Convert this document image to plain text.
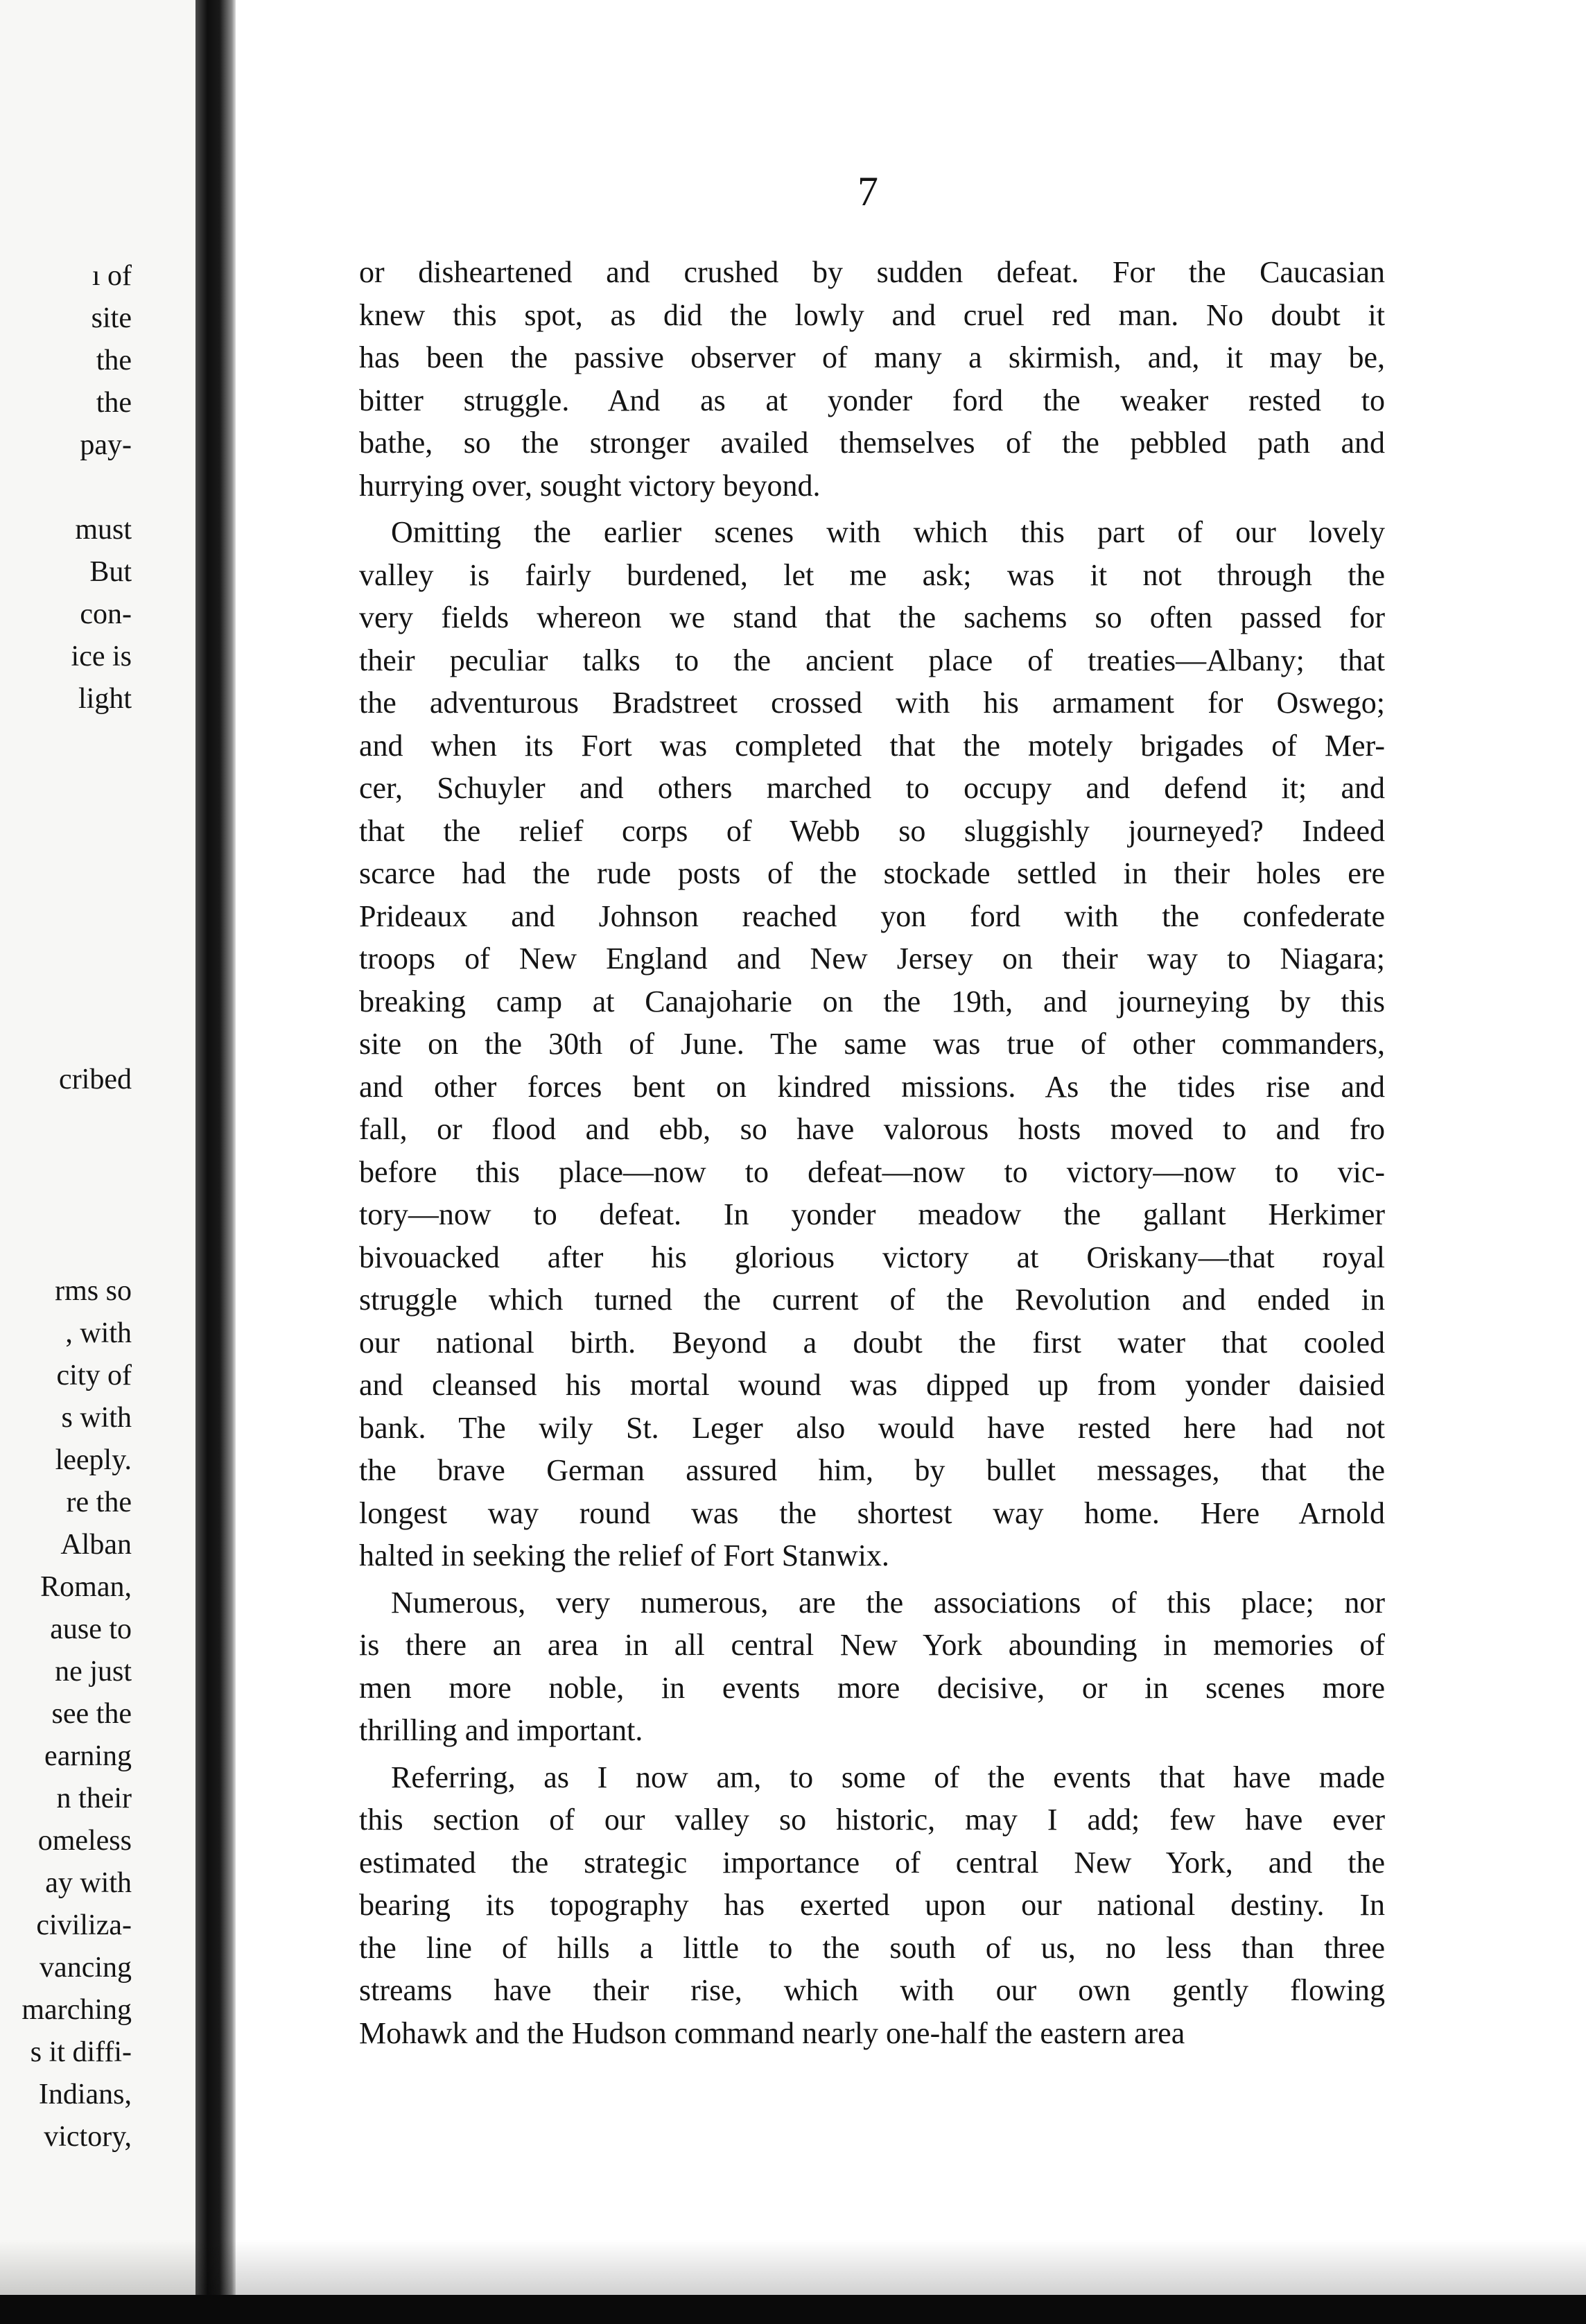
ı of
site
the
the
pay-
must
But
con-
ice is
light
cribed
rms so
, with
city of
s with
leeply.
re the
Alban
Roman,
ause to
ne just
see the
earning
n their
omeless
ay with
civiliza-
vancing
marching
s it diffi-
Indians,
victory,
7
or disheartened and crushed by sudden defeat. For the Caucasian
knew this spot, as did the lowly and cruel red man. No doubt it
has been the passive observer of many a skirmish, and, it may be,
bitter struggle. And as at yonder ford the weaker rested to
bathe, so the stronger availed themselves of the pebbled path and
hurrying over, sought victory beyond.
Omitting the earlier scenes with which this part of our lovely
valley is fairly burdened, let me ask; was it not through the
very fields whereon we stand that the sachems so often passed for
their peculiar talks to the ancient place of treaties—Albany; that
the adventurous Bradstreet crossed with his armament for Oswego;
and when its Fort was completed that the motely brigades of Mer-
cer, Schuyler and others marched to occupy and defend it; and
that the relief corps of Webb so sluggishly journeyed? Indeed
scarce had the rude posts of the stockade settled in their holes ere
Prideaux and Johnson reached yon ford with the confederate
troops of New England and New Jersey on their way to Niagara;
breaking camp at Canajoharie on the 19th, and journeying by this
site on the 30th of June. The same was true of other commanders,
and other forces bent on kindred missions. As the tides rise and
fall, or flood and ebb, so have valorous hosts moved to and fro
before this place—now to defeat—now to victory—now to vic-
tory—now to defeat. In yonder meadow the gallant Herkimer
bivouacked after his glorious victory at Oriskany—that royal
struggle which turned the current of the Revolution and ended in
our national birth. Beyond a doubt the first water that cooled
and cleansed his mortal wound was dipped up from yonder daisied
bank. The wily St. Leger also would have rested here had not
the brave German assured him, by bullet messages, that the
longest way round was the shortest way home. Here Arnold
halted in seeking the relief of Fort Stanwix.
Numerous, very numerous, are the associations of this place; nor
is there an area in all central New York abounding in memories of
men more noble, in events more decisive, or in scenes more
thrilling and important.
Referring, as I now am, to some of the events that have made
this section of our valley so historic, may I add; few have ever
estimated the strategic importance of central New York, and the
bearing its topography has exerted upon our national destiny. In
the line of hills a little to the south of us, no less than three
streams have their rise, which with our own gently flowing
Mohawk and the Hudson command nearly one-half the eastern area
